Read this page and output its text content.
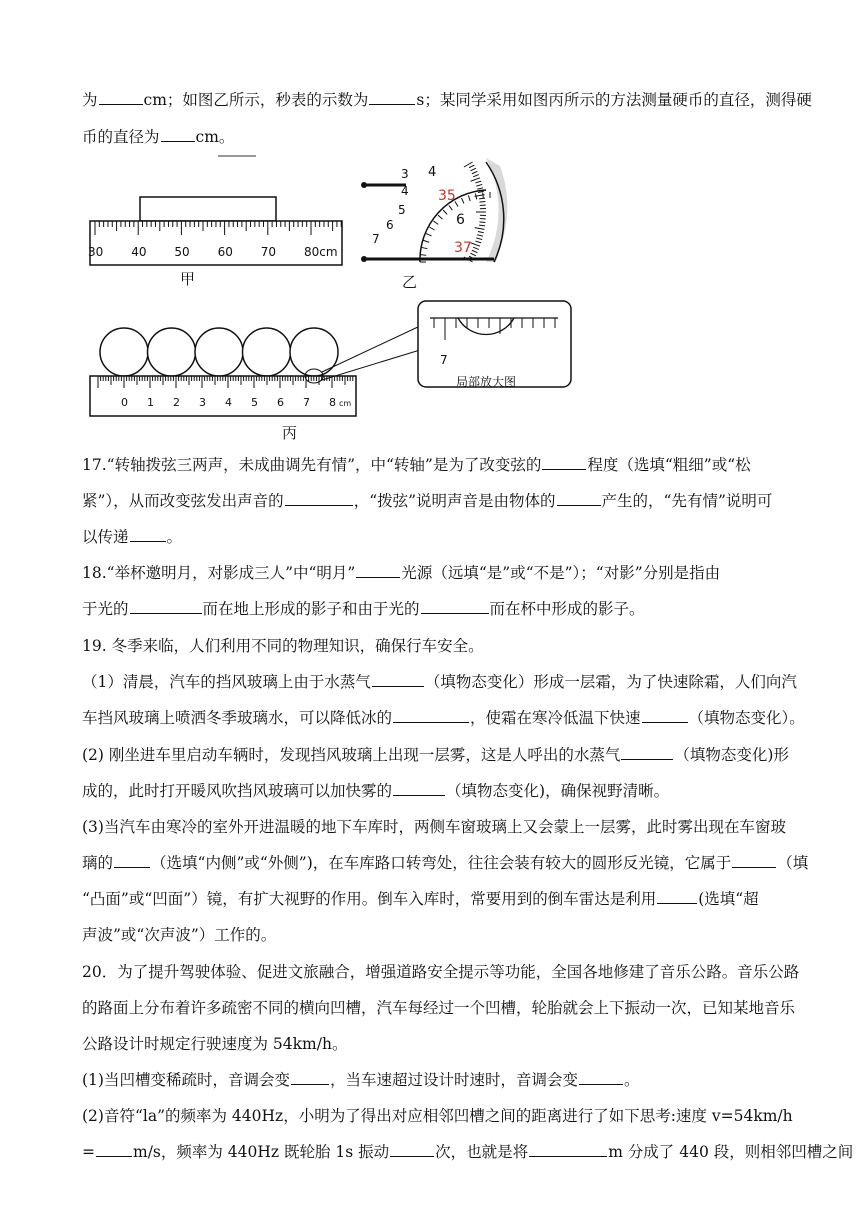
为	cm；如图乙所示，秒表的示数为	s；某同学采用如图丙所示的方法测量硬币的直径，测得硬
币的直径为 cm。
17.“转轴拨弦三两声，未成曲调先有情”，中“转轴”是为了改变弦的	程度（选填“粗细”或“松
紧”），从而改变弦发出声音的	，“拨弦”说明声音是由物体的	产生的，“先有情”说明可
以传递 。
18.“举杯邀明月，对影成三人”中“明月”	光源（远填“是”或“不是”）；“对影”分别是指由
于光的	而在地上形成的影子和由于光的	而在杯中形成的影子。
19. 冬季来临，人们利用不同的物理知识，确保行车安全。
（1）清晨，汽车的挡风玻璃上由于水蒸气	（填物态变化）形成一层霜，为了快速除霜，人们向汽
车挡风玻璃上喷洒冬季玻璃水，可以降低冰的	，使霜在寒冷低温下快速	（填物态变化）。
(2) 刚坐进车里启动车辆时，发现挡风玻璃上出现一层雾，这是人呼出的水蒸气	（填物态变化)形
成的，此时打开暖风吹挡风玻璃可以加快雾的	（填物态变化)，确保视野清晰。
(3)当汽车由寒冷的室外开进温暖的地下车库时，两侧车窗玻璃上又会蒙上一层雾，此时雾出现在车窗玻
璃的 （选填“内侧”或“外侧”)，在车库路口转弯处，往往会装有较大的圆形反光镜，它属于	（填
“凸面”或“凹面”）镜，有扩大视野的作用。倒车入库时，常要用到的倒车雷达是利用	(选填“超
声波”或“次声波”）工作的。
20．为了提升驾驶体验、促进文旅融合，增强道路安全提示等功能，全国各地修建了音乐公路。音乐公路
的路面上分布着许多疏密不同的横向凹槽，汽车每经过一个凹槽，轮胎就会上下振动一次，已知某地音乐
公路设计时规定行驶速度为 54km/h。
(1)当凹槽变稀疏时，音调会变	，当车速超过设计时速时，音调会变	。
(2)音符“la”的频率为 440Hz，小明为了得出对应相邻凹槽之间的距离进行了如下思考:速度 v=54km/h
= m/s，频率为 440Hz 既轮胎 1s 振动	次，也就是将	m 分成了 440 段，则相邻凹槽之间
30 40 50 60 70 80cm
甲
3
4
5
6
7
4
35
6
37
乙
0 1 2 3 4 5 6 7 8 cm
7
局部放大图
丙
